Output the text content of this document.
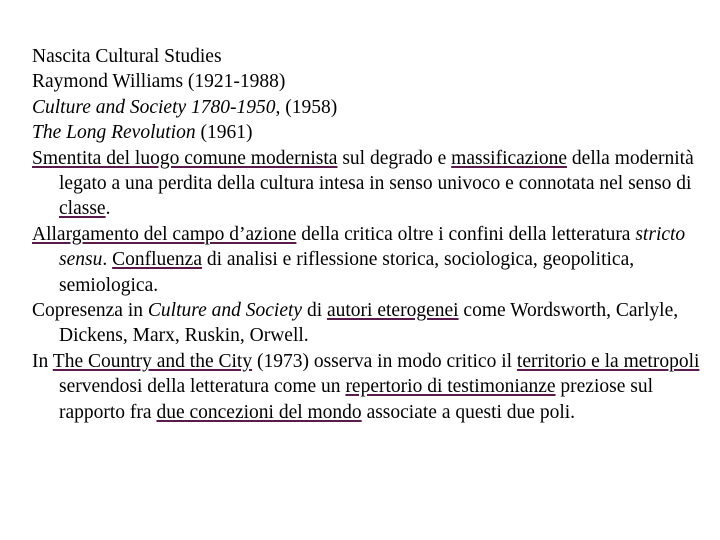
Nascita Cultural Studies

Raymond Williams (1921-1988)

Culture and Society 1780-1950, (1958)

The Long Revolution (1961)

Smentita del luogo comune modernista sul degrado e massificazione della modernità legato a una perdita della cultura intesa in senso univoco e connotata nel senso di classe.

Allargamento del campo d’azione della critica oltre i confini della letteratura stricto sensu. Confluenza di analisi e riflessione storica, sociologica, geopolitica, semiologica.

Copresenza in Culture and Society di autori eterogenei come Wordsworth, Carlyle, Dickens, Marx, Ruskin, Orwell.

In The Country and the City (1973) osserva in modo critico il territorio e la metropoli servendosi della letteratura come un repertorio di testimonianze preziose sul rapporto fra due concezioni del mondo associate a questi due poli.
